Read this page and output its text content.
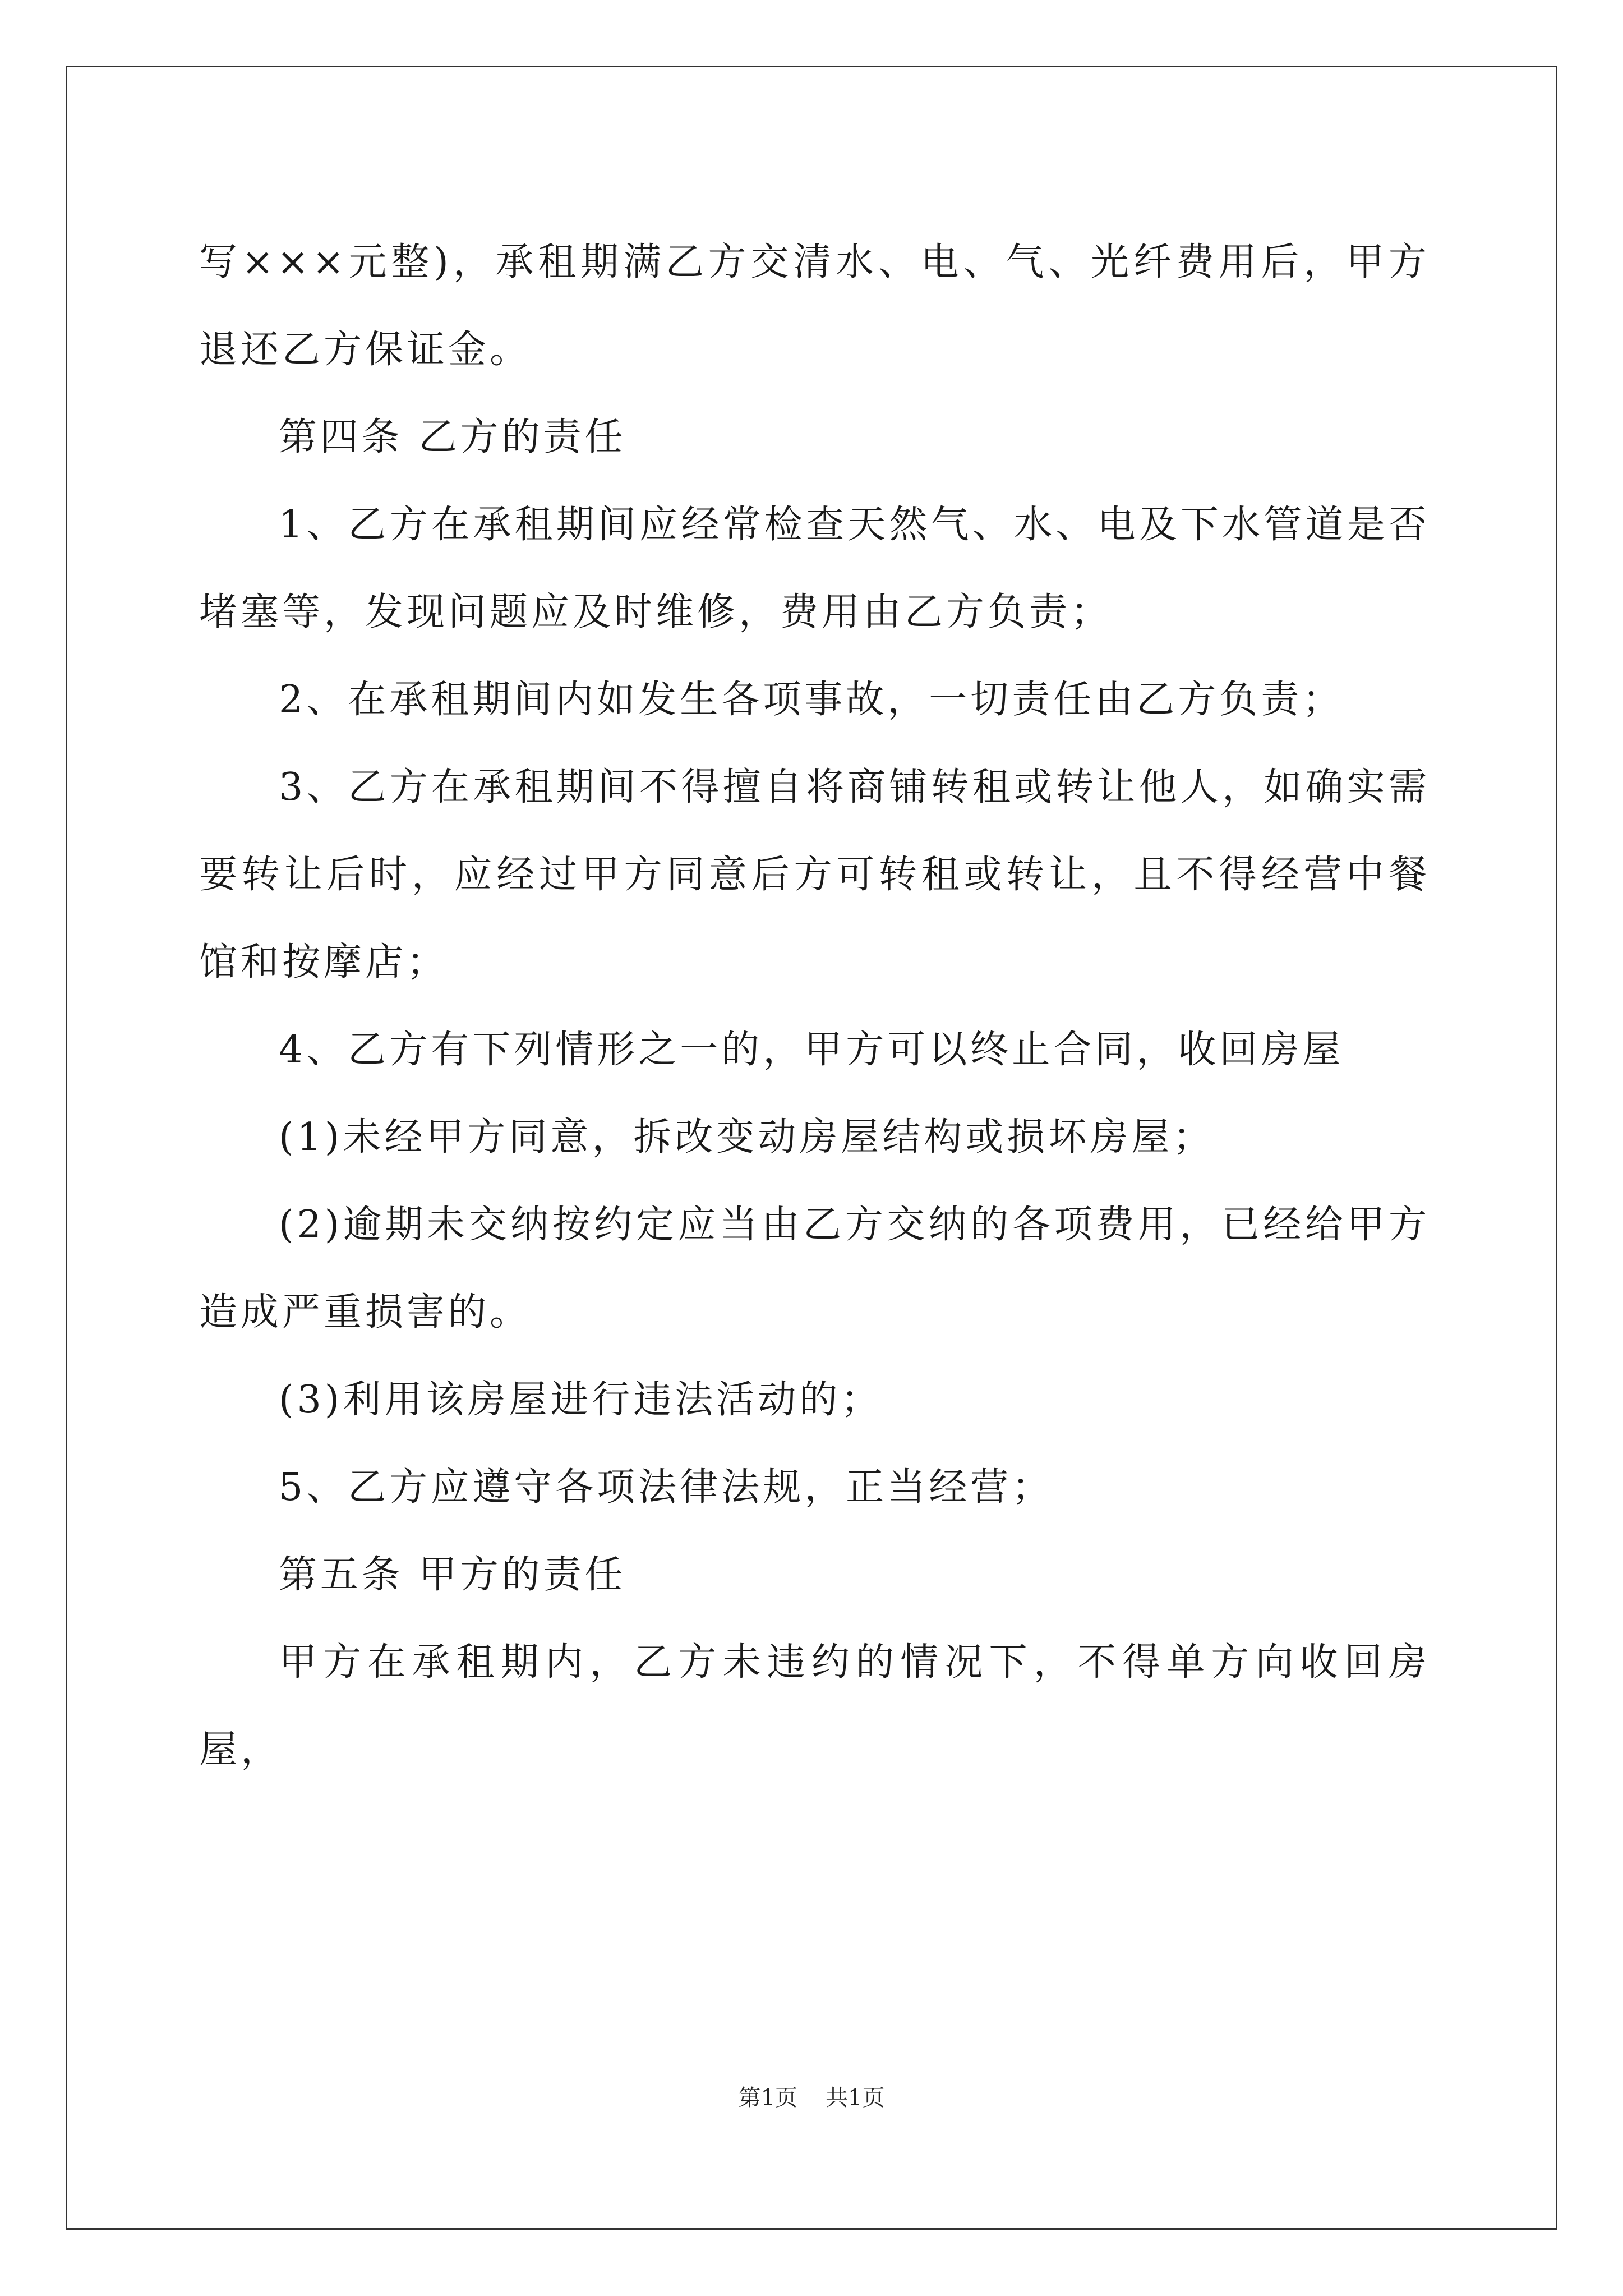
写×××元整)，承租期满乙方交清水、电、气、光纤费用后，甲方退还乙方保证金。

第四条 乙方的责任

1、乙方在承租期间应经常检查天然气、水、电及下水管道是否堵塞等，发现问题应及时维修，费用由乙方负责；

2、在承租期间内如发生各项事故，一切责任由乙方负责；

3、乙方在承租期间不得擅自将商铺转租或转让他人，如确实需要转让后时，应经过甲方同意后方可转租或转让，且不得经营中餐馆和按摩店；

4、乙方有下列情形之一的，甲方可以终止合同，收回房屋

(1)未经甲方同意，拆改变动房屋结构或损坏房屋；

(2)逾期未交纳按约定应当由乙方交纳的各项费用，已经给甲方造成严重损害的。

(3)利用该房屋进行违法活动的；

5、乙方应遵守各项法律法规，正当经营；

第五条 甲方的责任

甲方在承租期内，乙方未违约的情况下，不得单方向收回房屋，

第1页 共1页
